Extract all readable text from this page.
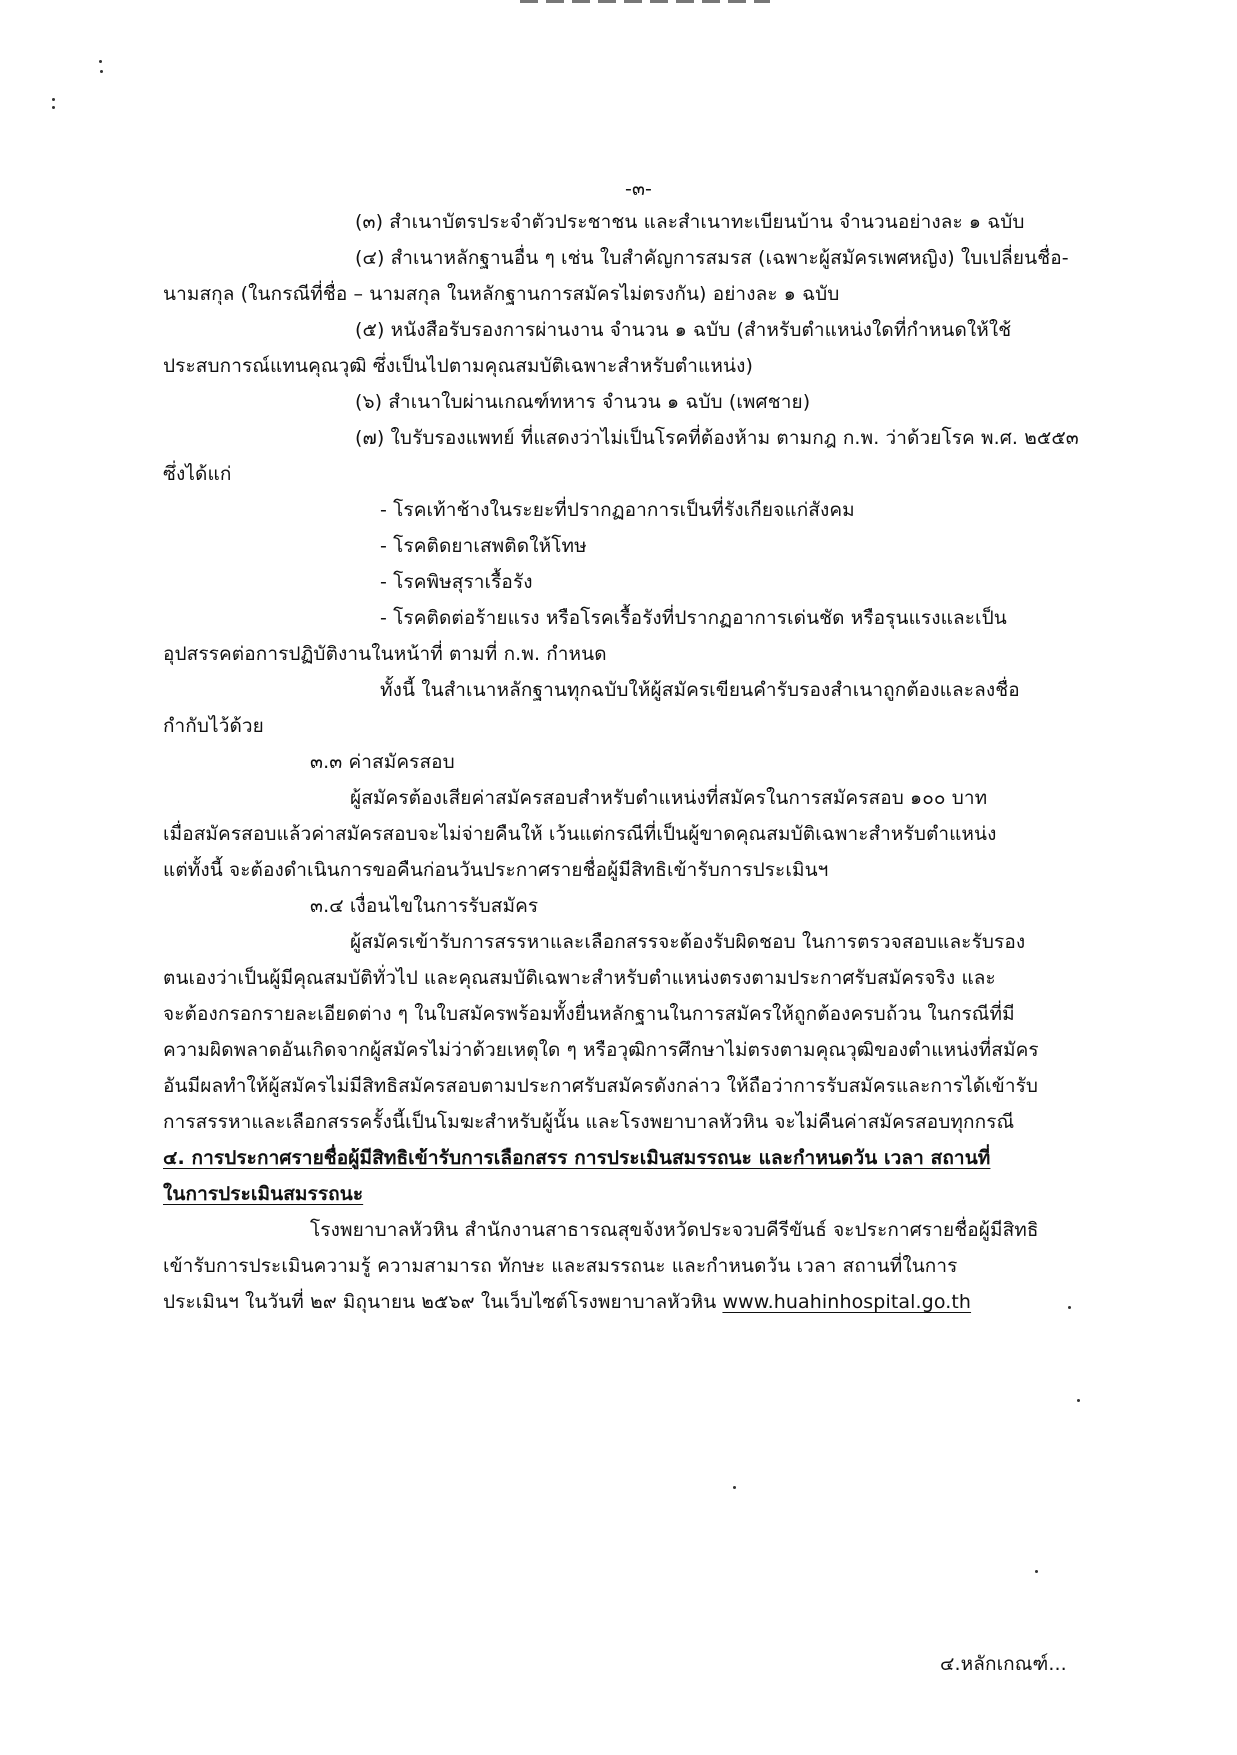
-๓-
(๓) สำเนาบัตรประจำตัวประชาชน และสำเนาทะเบียนบ้าน จำนวนอย่างละ ๑ ฉบับ
(๔) สำเนาหลักฐานอื่น ๆ เช่น ใบสำคัญการสมรส (เฉพาะผู้สมัครเพศหญิง) ใบเปลี่ยนชื่อ-
นามสกุล (ในกรณีที่ชื่อ – นามสกุล ในหลักฐานการสมัครไม่ตรงกัน) อย่างละ ๑ ฉบับ
(๕) หนังสือรับรองการผ่านงาน จำนวน ๑ ฉบับ (สำหรับตำแหน่งใดที่กำหนดให้ใช้
ประสบการณ์แทนคุณวุฒิ ซึ่งเป็นไปตามคุณสมบัติเฉพาะสำหรับตำแหน่ง)
(๖) สำเนาใบผ่านเกณฑ์ทหาร จำนวน ๑ ฉบับ (เพศชาย)
(๗) ใบรับรองแพทย์ ที่แสดงว่าไม่เป็นโรคที่ต้องห้าม ตามกฎ ก.พ. ว่าด้วยโรค พ.ศ. ๒๕๕๓
ซึ่งได้แก่
- โรคเท้าช้างในระยะที่ปรากฏอาการเป็นที่รังเกียจแก่สังคม
- โรคติดยาเสพติดให้โทษ
- โรคพิษสุราเรื้อรัง
- โรคติดต่อร้ายแรง หรือโรคเรื้อรังที่ปรากฏอาการเด่นชัด หรือรุนแรงและเป็น
อุปสรรคต่อการปฏิบัติงานในหน้าที่ ตามที่ ก.พ. กำหนด
ทั้งนี้ ในสำเนาหลักฐานทุกฉบับให้ผู้สมัครเขียนคำรับรองสำเนาถูกต้องและลงชื่อ
กำกับไว้ด้วย
๓.๓ ค่าสมัครสอบ
ผู้สมัครต้องเสียค่าสมัครสอบสำหรับตำแหน่งที่สมัครในการสมัครสอบ ๑๐๐ บาท
เมื่อสมัครสอบแล้วค่าสมัครสอบจะไม่จ่ายคืนให้ เว้นแต่กรณีที่เป็นผู้ขาดคุณสมบัติเฉพาะสำหรับตำแหน่ง
แต่ทั้งนี้ จะต้องดำเนินการขอคืนก่อนวันประกาศรายชื่อผู้มีสิทธิเข้ารับการประเมินฯ
๓.๔ เงื่อนไขในการรับสมัคร
ผู้สมัครเข้ารับการสรรหาและเลือกสรรจะต้องรับผิดชอบ ในการตรวจสอบและรับรอง
ตนเองว่าเป็นผู้มีคุณสมบัติทั่วไป และคุณสมบัติเฉพาะสำหรับตำแหน่งตรงตามประกาศรับสมัครจริง และ
จะต้องกรอกรายละเอียดต่าง ๆ ในใบสมัครพร้อมทั้งยื่นหลักฐานในการสมัครให้ถูกต้องครบถ้วน ในกรณีที่มี
ความผิดพลาดอันเกิดจากผู้สมัครไม่ว่าด้วยเหตุใด ๆ หรือวุฒิการศึกษาไม่ตรงตามคุณวุฒิของตำแหน่งที่สมัคร
อันมีผลทำให้ผู้สมัครไม่มีสิทธิสมัครสอบตามประกาศรับสมัครดังกล่าว ให้ถือว่าการรับสมัครและการได้เข้ารับ
การสรรหาและเลือกสรรครั้งนี้เป็นโมฆะสำหรับผู้นั้น และโรงพยาบาลหัวหิน จะไม่คืนค่าสมัครสอบทุกกรณี
๔. การประกาศรายชื่อผู้มีสิทธิเข้ารับการเลือกสรร การประเมินสมรรถนะ และกำหนดวัน เวลา สถานที่
ในการประเมินสมรรถนะ
โรงพยาบาลหัวหิน สำนักงานสาธารณสุขจังหวัดประจวบคีรีขันธ์ จะประกาศรายชื่อผู้มีสิทธิ
เข้ารับการประเมินความรู้ ความสามารถ ทักษะ และสมรรถนะ และกำหนดวัน เวลา สถานที่ในการ
ประเมินฯ ในวันที่ ๒๙ มิถุนายน ๒๕๖๙ ในเว็บไซต์โรงพยาบาลหัวหิน www.huahinhospital.go.th
๔.หลักเกณฑ์...
